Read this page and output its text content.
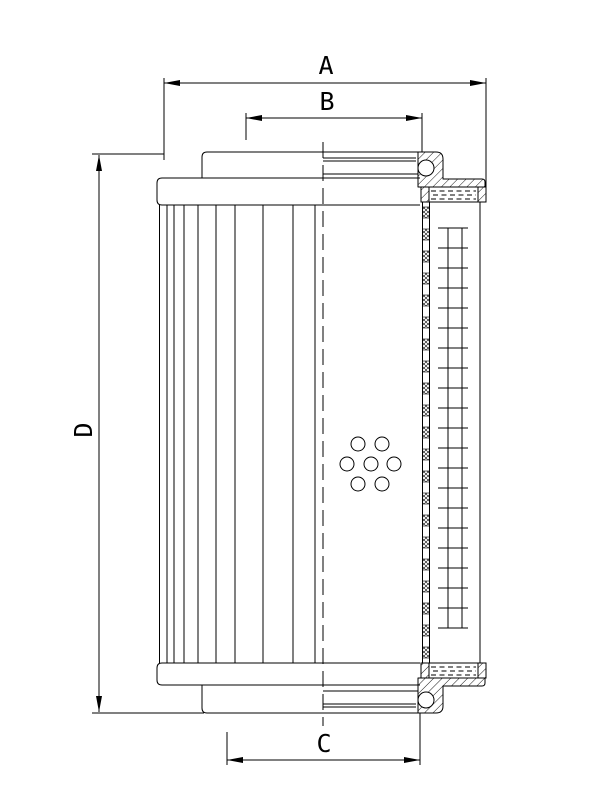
A
B
D
C
